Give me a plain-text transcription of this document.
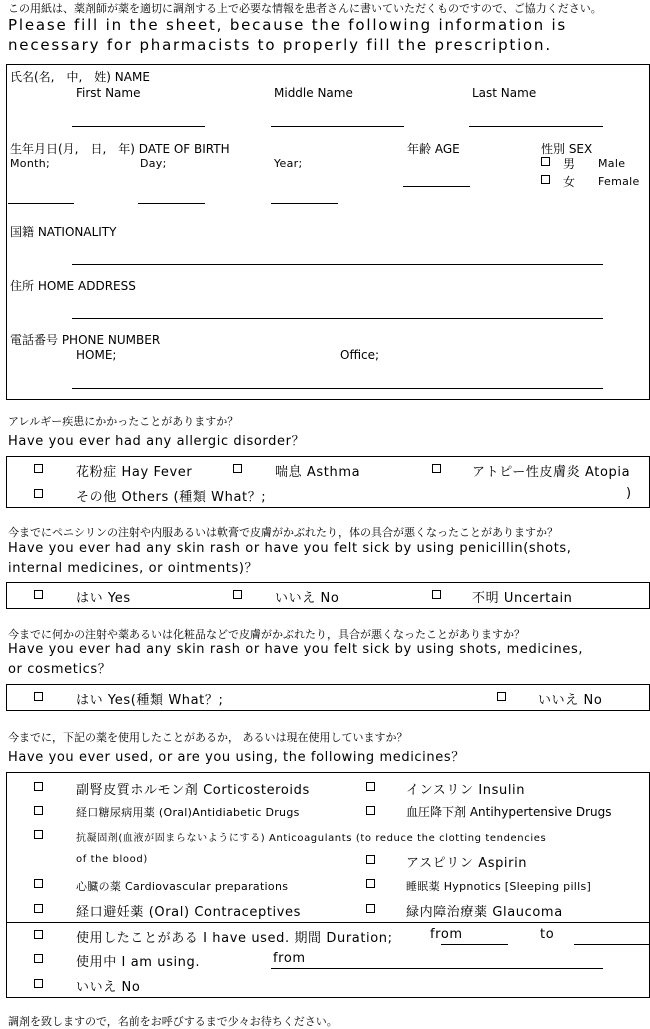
この用紙は、薬剤師が薬を適切に調剤する上で必要な情報を患者さんに書いていただくものですので、ご協力ください。
Please fill in the sheet, because the following information is
necessary for pharmacists to properly fill the prescription.
氏名(名,　中,　姓) NAME
First Name	Middle Name	Last Name
生年月日(月,　日,　年) DATE OF BIRTH
Month;	Day;	Year;
年齢 AGE	性別 SEX
男 Male
女 Female
国籍 NATIONALITY
住所 HOME ADDRESS
電話番号 PHONE NUMBER
HOME;	Office;
アレルギー疾患にかかったことがありますか？
Have you ever had any allergic disorder？
花粉症 Hay Fever	喘息 Asthma	アトピー性皮膚炎 Atopia
その他 Others (種類 What？;	)
今までにペニシリンの注射や内服あるいは軟膏で皮膚がかぶれたり，体の具合が悪くなったことがありますか？
Have you ever had any skin rash or have you felt sick by using penicillin(shots,
internal medicines, or ointments)？
はい Yes	いいえ No	不明 Uncertain
今までに何かの注射や薬あるいは化粧品などで皮膚がかぶれたり，具合が悪くなったことがありますか？
Have you ever had any skin rash or have you felt sick by using shots, medicines,
or cosmetics？
はい Yes(種類 What？;	いいえ No
今までに，下記の薬を使用したことがあるか， あるいは現在使用していますか？
Have you ever used, or are you using, the following medicines？
副腎皮質ホルモン剤 Corticosteroids	インスリン Insulin
経口糖尿病用薬 (Oral)Antidiabetic Drugs	血圧降下剤 Antihypertensive Drugs
抗凝固剤(血液が固まらないようにする) Anticoagulants (to reduce the clotting tendencies
of the blood)	アスピリン Aspirin
心臓の薬 Cardiovascular preparations	睡眠薬 Hypnotics [Sleeping pills]
経口避妊薬 (Oral) Contraceptives	緑内障治療薬 Glaucoma
使用したことがある I have used. 期間 Duration;	from	to
使用中 I am using.	from
いいえ No
調剤を致しますので，名前をお呼びするまで少々お待ちください。
